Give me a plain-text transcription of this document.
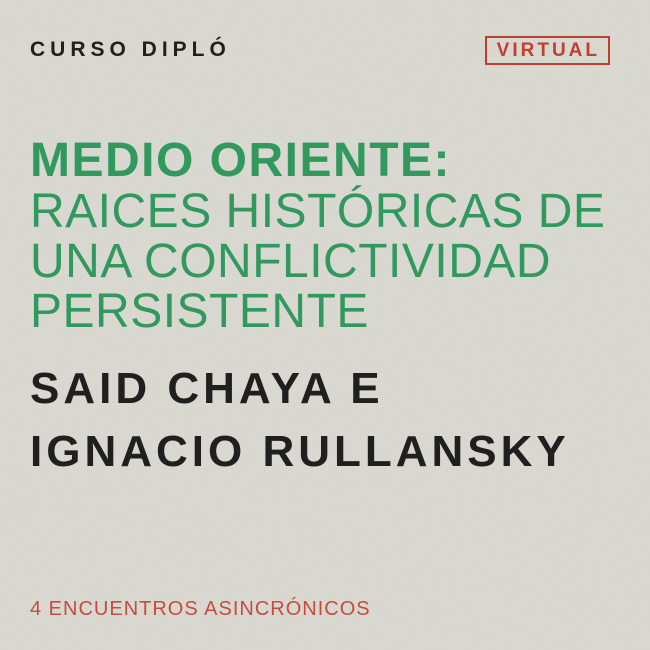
CURSO DIPLÓ	VIRTUAL
MEDIO ORIENTE:
RAICES HISTÓRICAS DE
UNA CONFLICTIVIDAD
PERSISTENTE
SAID CHAYA E
IGNACIO RULLANSKY
4 ENCUENTROS ASINCRÓNICOS
